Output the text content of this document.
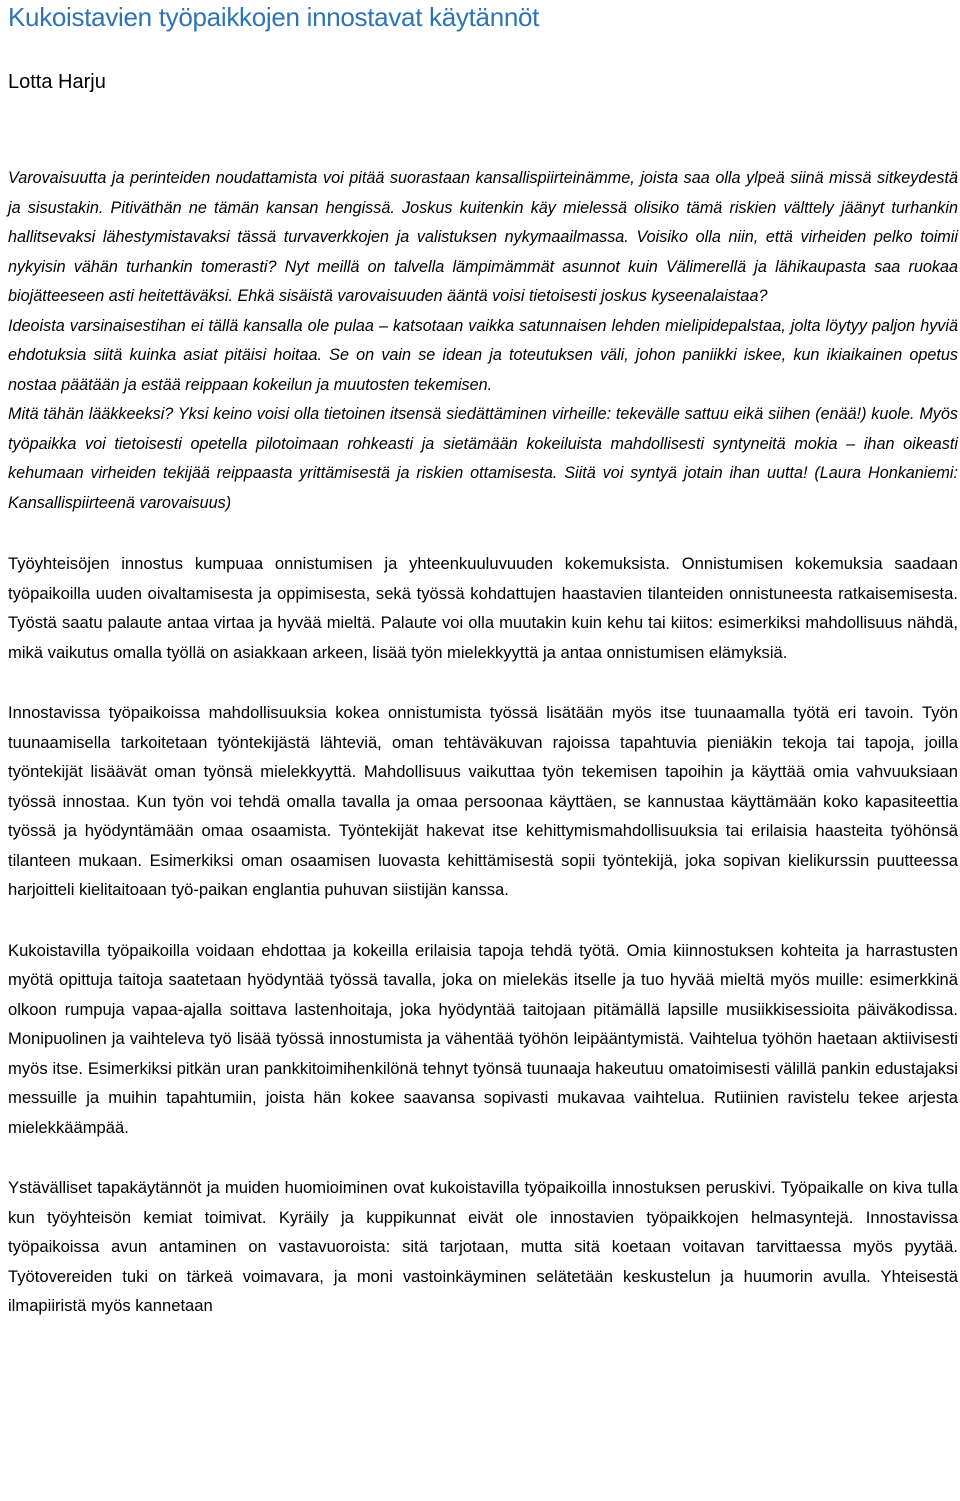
Kukoistavien työpaikkojen innostavat käytännöt

Lotta Harju

Varovaisuutta ja perinteiden noudattamista voi pitää suorastaan kansallispiirteinämme, joista saa olla ylpeä siinä missä sitkeydestä ja sisustakin. Pitiväthän ne tämän kansan hengissä. Joskus kuitenkin käy mielessä olisiko tämä riskien välttely jäänyt turhankin hallitsevaksi lähestymistavaksi tässä turvaverkkojen ja valistuksen nykymaailmassa. Voisiko olla niin, että virheiden pelko toimii nykyisin vähän turhankin tomerasti? Nyt meillä on talvella lämpimämmät asunnot kuin Välimerellä ja lähikaupasta saa ruokaa biojätteeseen asti heitettäväksi. Ehkä sisäistä varovaisuuden ääntä voisi tietoisesti joskus kyseenalaistaa?

Ideoista varsinaisestihan ei tällä kansalla ole pulaa – katsotaan vaikka satunnaisen lehden mielipidepalstaa, jolta löytyy paljon hyviä ehdotuksia siitä kuinka asiat pitäisi hoitaa. Se on vain se idean ja toteutuksen väli, johon paniikki iskee, kun ikiaikainen opetus nostaa päätään ja estää reippaan kokeilun ja muutosten tekemisen.

Mitä tähän lääkkeeksi? Yksi keino voisi olla tietoinen itsensä siedättäminen virheille: tekevälle sattuu eikä siihen (enää!) kuole. Myös työpaikka voi tietoisesti opetella pilotoimaan rohkeasti ja sietämään kokeiluista mahdollisesti syntyneitä mokia – ihan oikeasti kehumaan virheiden tekijää reippaasta yrittämisestä ja riskien ottamisesta. Siitä voi syntyä jotain ihan uutta! (Laura Honkaniemi: Kansallispiirteenä varovaisuus)

Työyhteisöjen innostus kumpuaa onnistumisen ja yhteenkuuluvuuden kokemuksista. Onnistumisen kokemuksia saadaan työpaikoilla uuden oivaltamisesta ja oppimisesta, sekä työssä kohdattujen haastavien tilanteiden onnistuneesta ratkaisemisesta. Työstä saatu palaute antaa virtaa ja hyvää mieltä. Palaute voi olla muutakin kuin kehu tai kiitos: esimerkiksi mahdollisuus nähdä, mikä vaikutus omalla työllä on asiakkaan arkeen, lisää työn mielekkyyttä ja antaa onnistumisen elämyksiä.

Innostavissa työpaikoissa mahdollisuuksia kokea onnistumista työssä lisätään myös itse tuunaamalla työtä eri tavoin. Työn tuunaamisella tarkoitetaan työntekijästä lähteviä, oman tehtäväkuvan rajoissa tapahtuvia pieniäkin tekoja tai tapoja, joilla työntekijät lisäävät oman työnsä mielekkyyttä. Mahdollisuus vaikuttaa työn tekemisen tapoihin ja käyttää omia vahvuuksiaan työssä innostaa. Kun työn voi tehdä omalla tavalla ja omaa persoonaa käyttäen, se kannustaa käyttämään koko kapasiteettia työssä ja hyödyntämään omaa osaamista. Työntekijät hakevat itse kehittymismahdollisuuksia tai erilaisia haasteita työhönsä tilanteen mukaan. Esimerkiksi oman osaamisen luovasta kehittämisestä sopii työntekijä, joka sopivan kielikurssin puutteessa harjoitteli kielitaitoaan työ-paikan englantia puhuvan siistijän kanssa.

Kukoistavilla työpaikoilla voidaan ehdottaa ja kokeilla erilaisia tapoja tehdä työtä. Omia kiinnostuksen kohteita ja harrastusten myötä opittuja taitoja saatetaan hyödyntää työssä tavalla, joka on mielekäs itselle ja tuo hyvää mieltä myös muille: esimerkkinä olkoon rumpuja vapaa-ajalla soittava lastenhoitaja, joka hyödyntää taitojaan pitämällä lapsille musiikkisessioita päiväkodissa. Monipuolinen ja vaihteleva työ lisää työssä innostumista ja vähentää työhön leipääntymistä. Vaihtelua työhön haetaan aktiivisesti myös itse. Esimerkiksi pitkän uran pankkitoimihenkilönä tehnyt työnsä tuunaaja hakeutuu omatoimisesti välillä pankin edustajaksi messuille ja muihin tapahtumiin, joista hän kokee saavansa sopivasti mukavaa vaihtelua. Rutiinien ravistelu tekee arjesta mielekkäämpää.

Ystävälliset tapakäytännöt ja muiden huomioiminen ovat kukoistavilla työpaikoilla innostuksen peruskivi. Työpaikalle on kiva tulla kun työyhteisön kemiat toimivat. Kyräily ja kuppikunnat eivät ole innostavien työpaikkojen helmasyntejä. Innostavissa työpaikoissa avun antaminen on vastavuoroista: sitä tarjotaan, mutta sitä koetaan voitavan tarvittaessa myös pyytää. Työtovereiden tuki on tärkeä voimavara, ja moni vastoinkäyminen selätetään keskustelun ja huumorin avulla. Yhteisestä ilmapiiristä myös kannetaan
